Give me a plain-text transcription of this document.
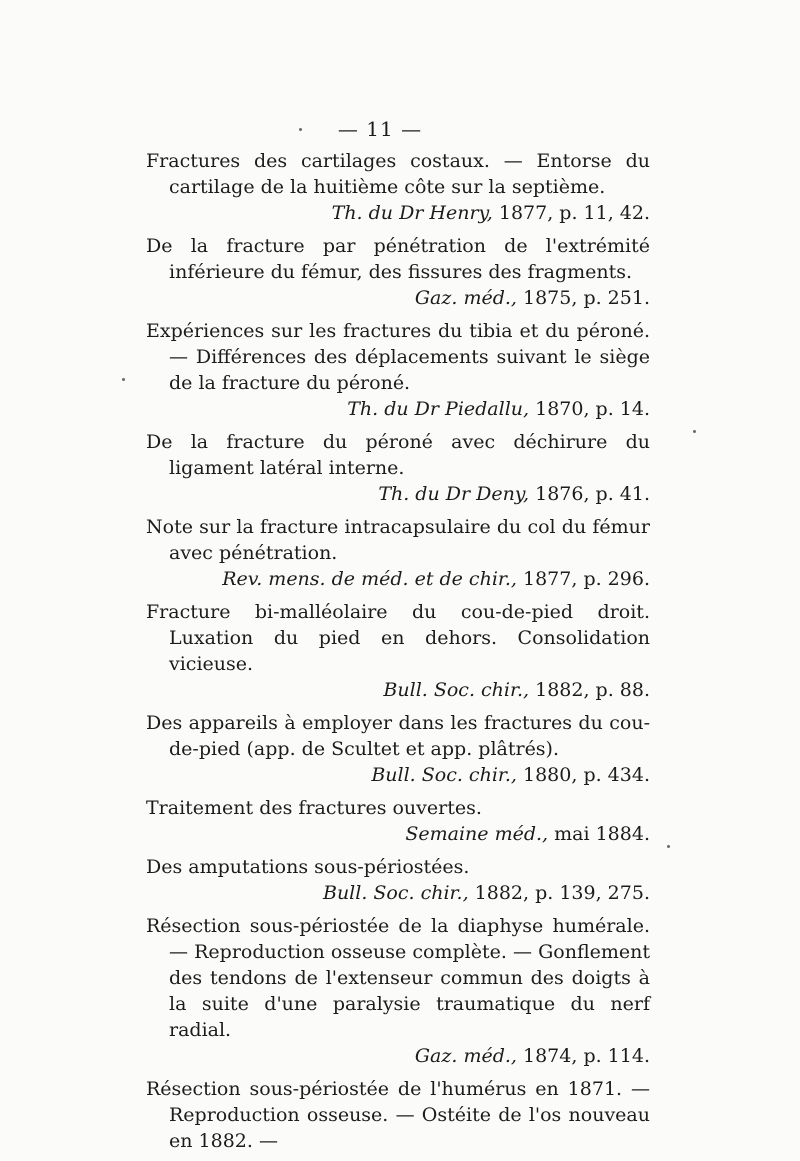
— 11 —
Fractures des cartilages costaux. — Entorse du cartilage de la huitième côte sur la septième.
Th. du Dr Henry, 1877, p. 11, 42.
De la fracture par pénétration de l'extrémité inférieure du fémur, des fissures des fragments.
Gaz. méd., 1875, p. 251.
Expériences sur les fractures du tibia et du péroné. — Différences des déplacements suivant le siège de la fracture du péroné.
Th. du Dr Piedallu, 1870, p. 14.
De la fracture du péroné avec déchirure du ligament latéral interne.
Th. du Dr Deny, 1876, p. 41.
Note sur la fracture intracapsulaire du col du fémur avec pénétration.
Rev. mens. de méd. et de chir., 1877, p. 296.
Fracture bi-malléolaire du cou-de-pied droit. Luxation du pied en dehors. Consolidation vicieuse.
Bull. Soc. chir., 1882, p. 88.
Des appareils à employer dans les fractures du cou-de-pied (app. de Scultet et app. plâtrés).
Bull. Soc. chir., 1880, p. 434.
Traitement des fractures ouvertes.
Semaine méd., mai 1884.
Des amputations sous-périostées.
Bull. Soc. chir., 1882, p. 139, 275.
Résection sous-périostée de la diaphyse humérale. — Reproduction osseuse complète. — Gonflement des tendons de l'extenseur commun des doigts à la suite d'une paralysie traumatique du nerf radial.
Gaz. méd., 1874, p. 114.
Résection sous-périostée de l'humérus en 1871. — Reproduction osseuse. — Ostéite de l'os nouveau en 1882. —
